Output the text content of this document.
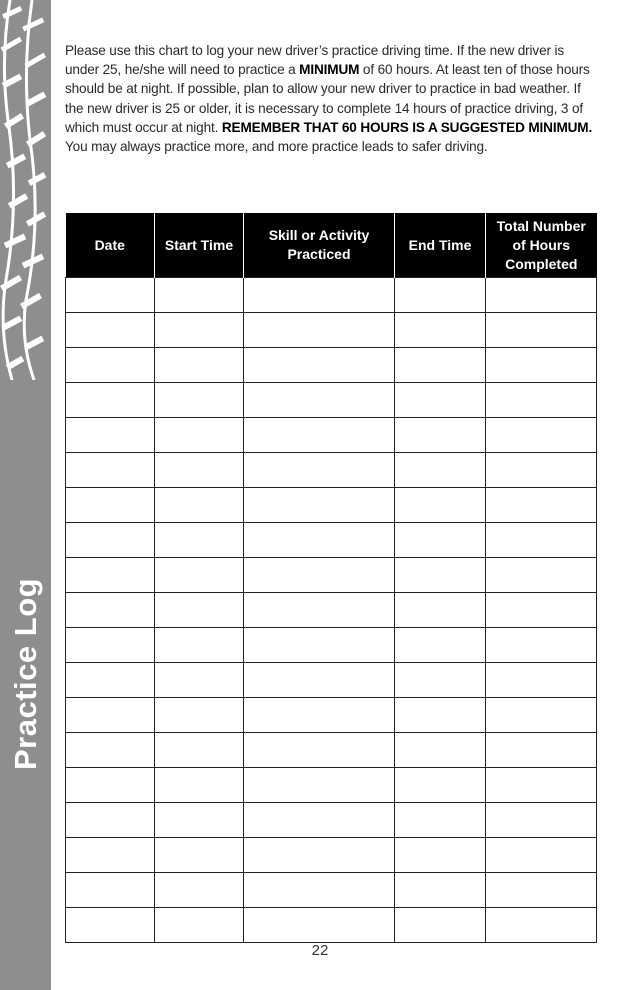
Practice Log
Please use this chart to log your new driver’s practice driving time. If the new driver is under 25, he/she will need to practice a MINIMUM of 60 hours. At least ten of those hours should be at night. If possible, plan to allow your new driver to practice in bad weather. If the new driver is 25 or older, it is necessary to complete 14 hours of practice driving, 3 of which must occur at night. REMEMBER THAT 60 HOURS IS A SUGGESTED MINIMUM. You may always practice more, and more practice leads to safer driving.
Date	Start Time	Skill or Activity Practiced	End Time	Total Number of Hours Completed

22
